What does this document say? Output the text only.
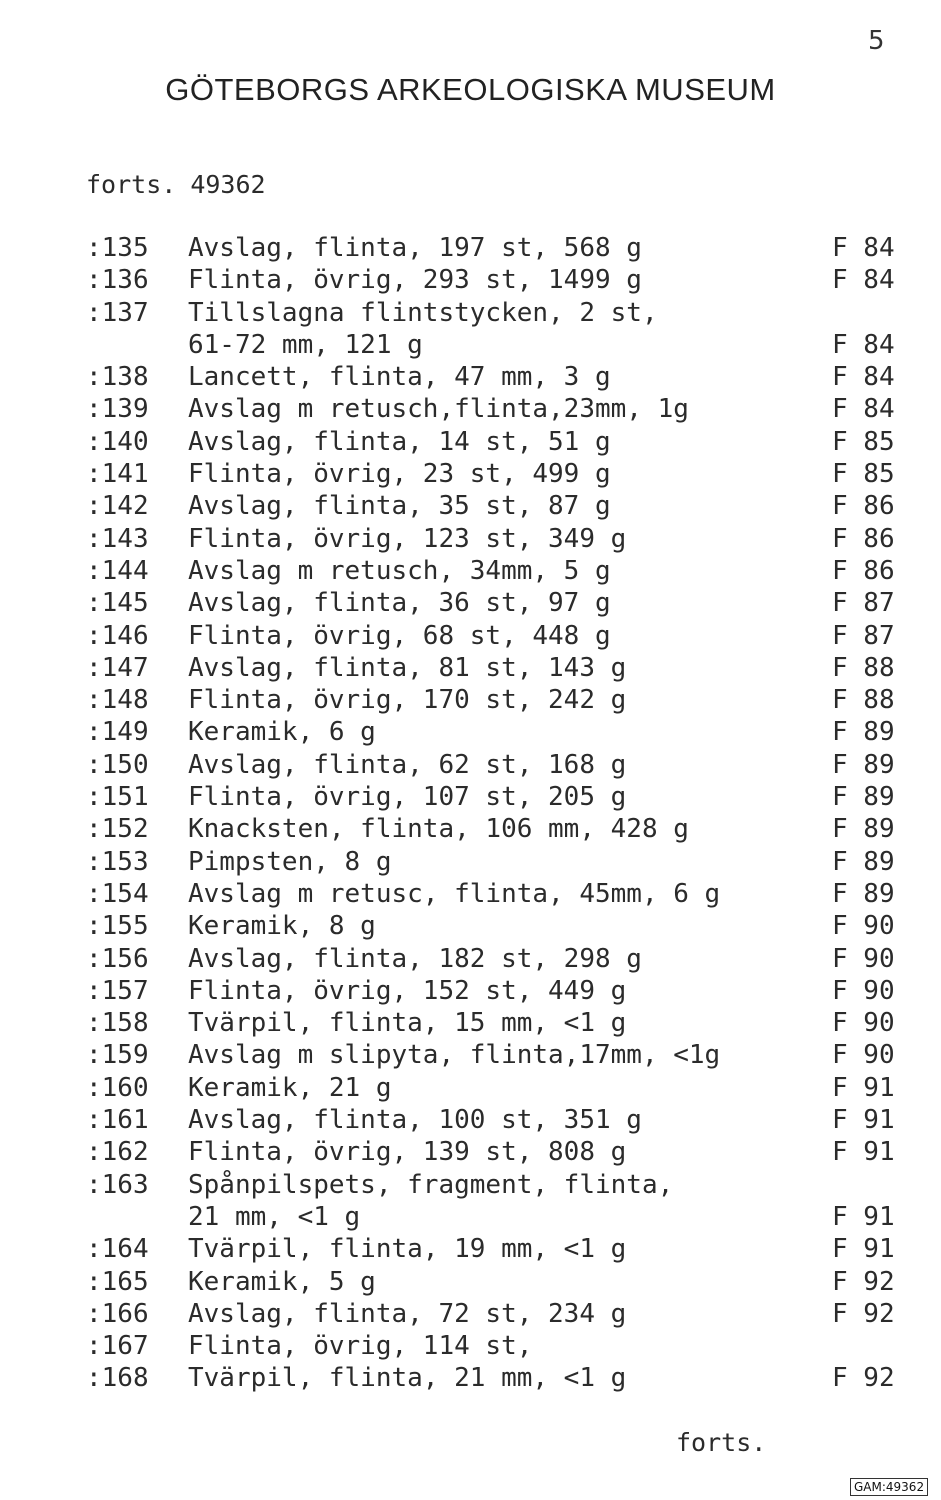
5
GÖTEBORGS ARKEOLOGISKA MUSEUM
forts. 49362
:135 Avslag, flinta, 197 st, 568 g	F 84
:136 Flinta, övrig, 293 st, 1499 g	F 84
:137 Tillslagna flintstycken, 2 st,
61-72 mm, 121 g	F 84
:138 Lancett, flinta, 47 mm, 3 g	F 84
:139 Avslag m retusch,flinta,23mm, 1g	F 84
:140 Avslag, flinta, 14 st, 51 g	F 85
:141 Flinta, övrig, 23 st, 499 g	F 85
:142 Avslag, flinta, 35 st, 87 g	F 86
:143 Flinta, övrig, 123 st, 349 g	F 86
:144 Avslag m retusch, 34mm, 5 g	F 86
:145 Avslag, flinta, 36 st, 97 g	F 87
:146 Flinta, övrig, 68 st, 448 g	F 87
:147 Avslag, flinta, 81 st, 143 g	F 88
:148 Flinta, övrig, 170 st, 242 g	F 88
:149 Keramik, 6 g	F 89
:150 Avslag, flinta, 62 st, 168 g	F 89
:151 Flinta, övrig, 107 st, 205 g	F 89
:152 Knacksten, flinta, 106 mm, 428 g	F 89
:153 Pimpsten, 8 g	F 89
:154 Avslag m retusc, flinta, 45mm, 6 g	F 89
:155 Keramik, 8 g	F 90
:156 Avslag, flinta, 182 st, 298 g	F 90
:157 Flinta, övrig, 152 st, 449 g	F 90
:158 Tvärpil, flinta, 15 mm, <1 g	F 90
:159 Avslag m slipyta, flinta,17mm, <1g	F 90
:160 Keramik, 21 g	F 91
:161 Avslag, flinta, 100 st, 351 g	F 91
:162 Flinta, övrig, 139 st, 808 g	F 91
:163 Spånpilspets, fragment, flinta,
21 mm, <1 g	F 91
:164 Tvärpil, flinta, 19 mm, <1 g	F 91
:165 Keramik, 5 g	F 92
:166 Avslag, flinta, 72 st, 234 g	F 92
:167 Flinta, övrig, 114 st,
:168 Tvärpil, flinta, 21 mm, <1 g	F 92
forts.
GAM:49362
